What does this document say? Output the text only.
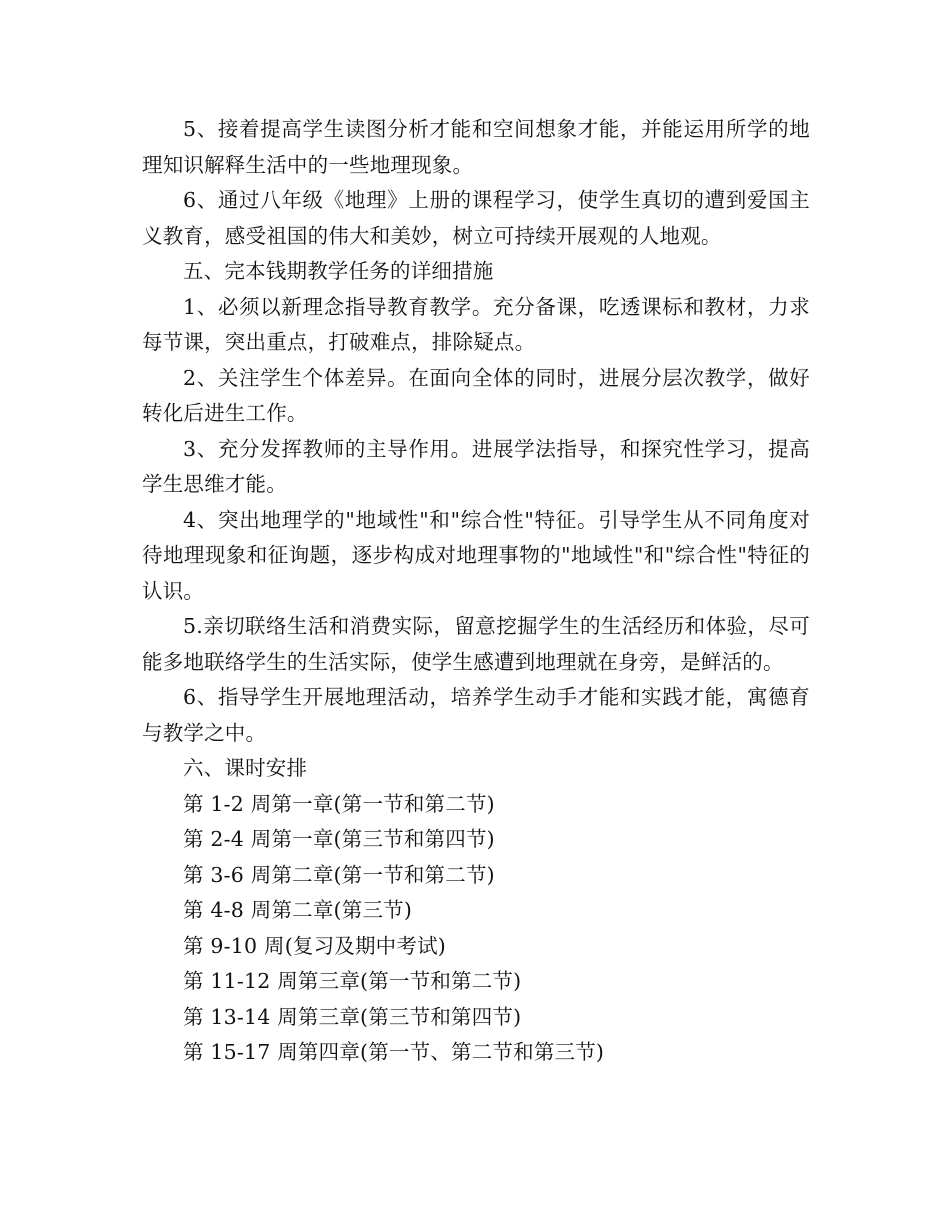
5、接着提高学生读图分析才能和空间想象才能，并能运用所学的地理知识解释生活中的一些地理现象。

6、通过八年级《地理》上册的课程学习，使学生真切的遭到爱国主义教育，感受祖国的伟大和美妙，树立可持续开展观的人地观。

五、完本钱期教学任务的详细措施

1、必须以新理念指导教育教学。充分备课，吃透课标和教材，力求每节课，突出重点，打破难点，排除疑点。

2、关注学生个体差异。在面向全体的同时，进展分层次教学，做好转化后进生工作。

3、充分发挥教师的主导作用。进展学法指导，和探究性学习，提高学生思维才能。

4、突出地理学的"地域性"和"综合性"特征。引导学生从不同角度对待地理现象和征询题，逐步构成对地理事物的"地域性"和"综合性"特征的认识。

5.亲切联络生活和消费实际，留意挖掘学生的生活经历和体验，尽可能多地联络学生的生活实际，使学生感遭到地理就在身旁，是鲜活的。

6、指导学生开展地理活动，培养学生动手才能和实践才能，寓德育与教学之中。

六、课时安排

第 1-2 周第一章(第一节和第二节)

第 2-4 周第一章(第三节和第四节)

第 3-6 周第二章(第一节和第二节)

第 4-8 周第二章(第三节)

第 9-10 周(复习及期中考试)

第 11-12 周第三章(第一节和第二节)

第 13-14 周第三章(第三节和第四节)

第 15-17 周第四章(第一节、第二节和第三节)
